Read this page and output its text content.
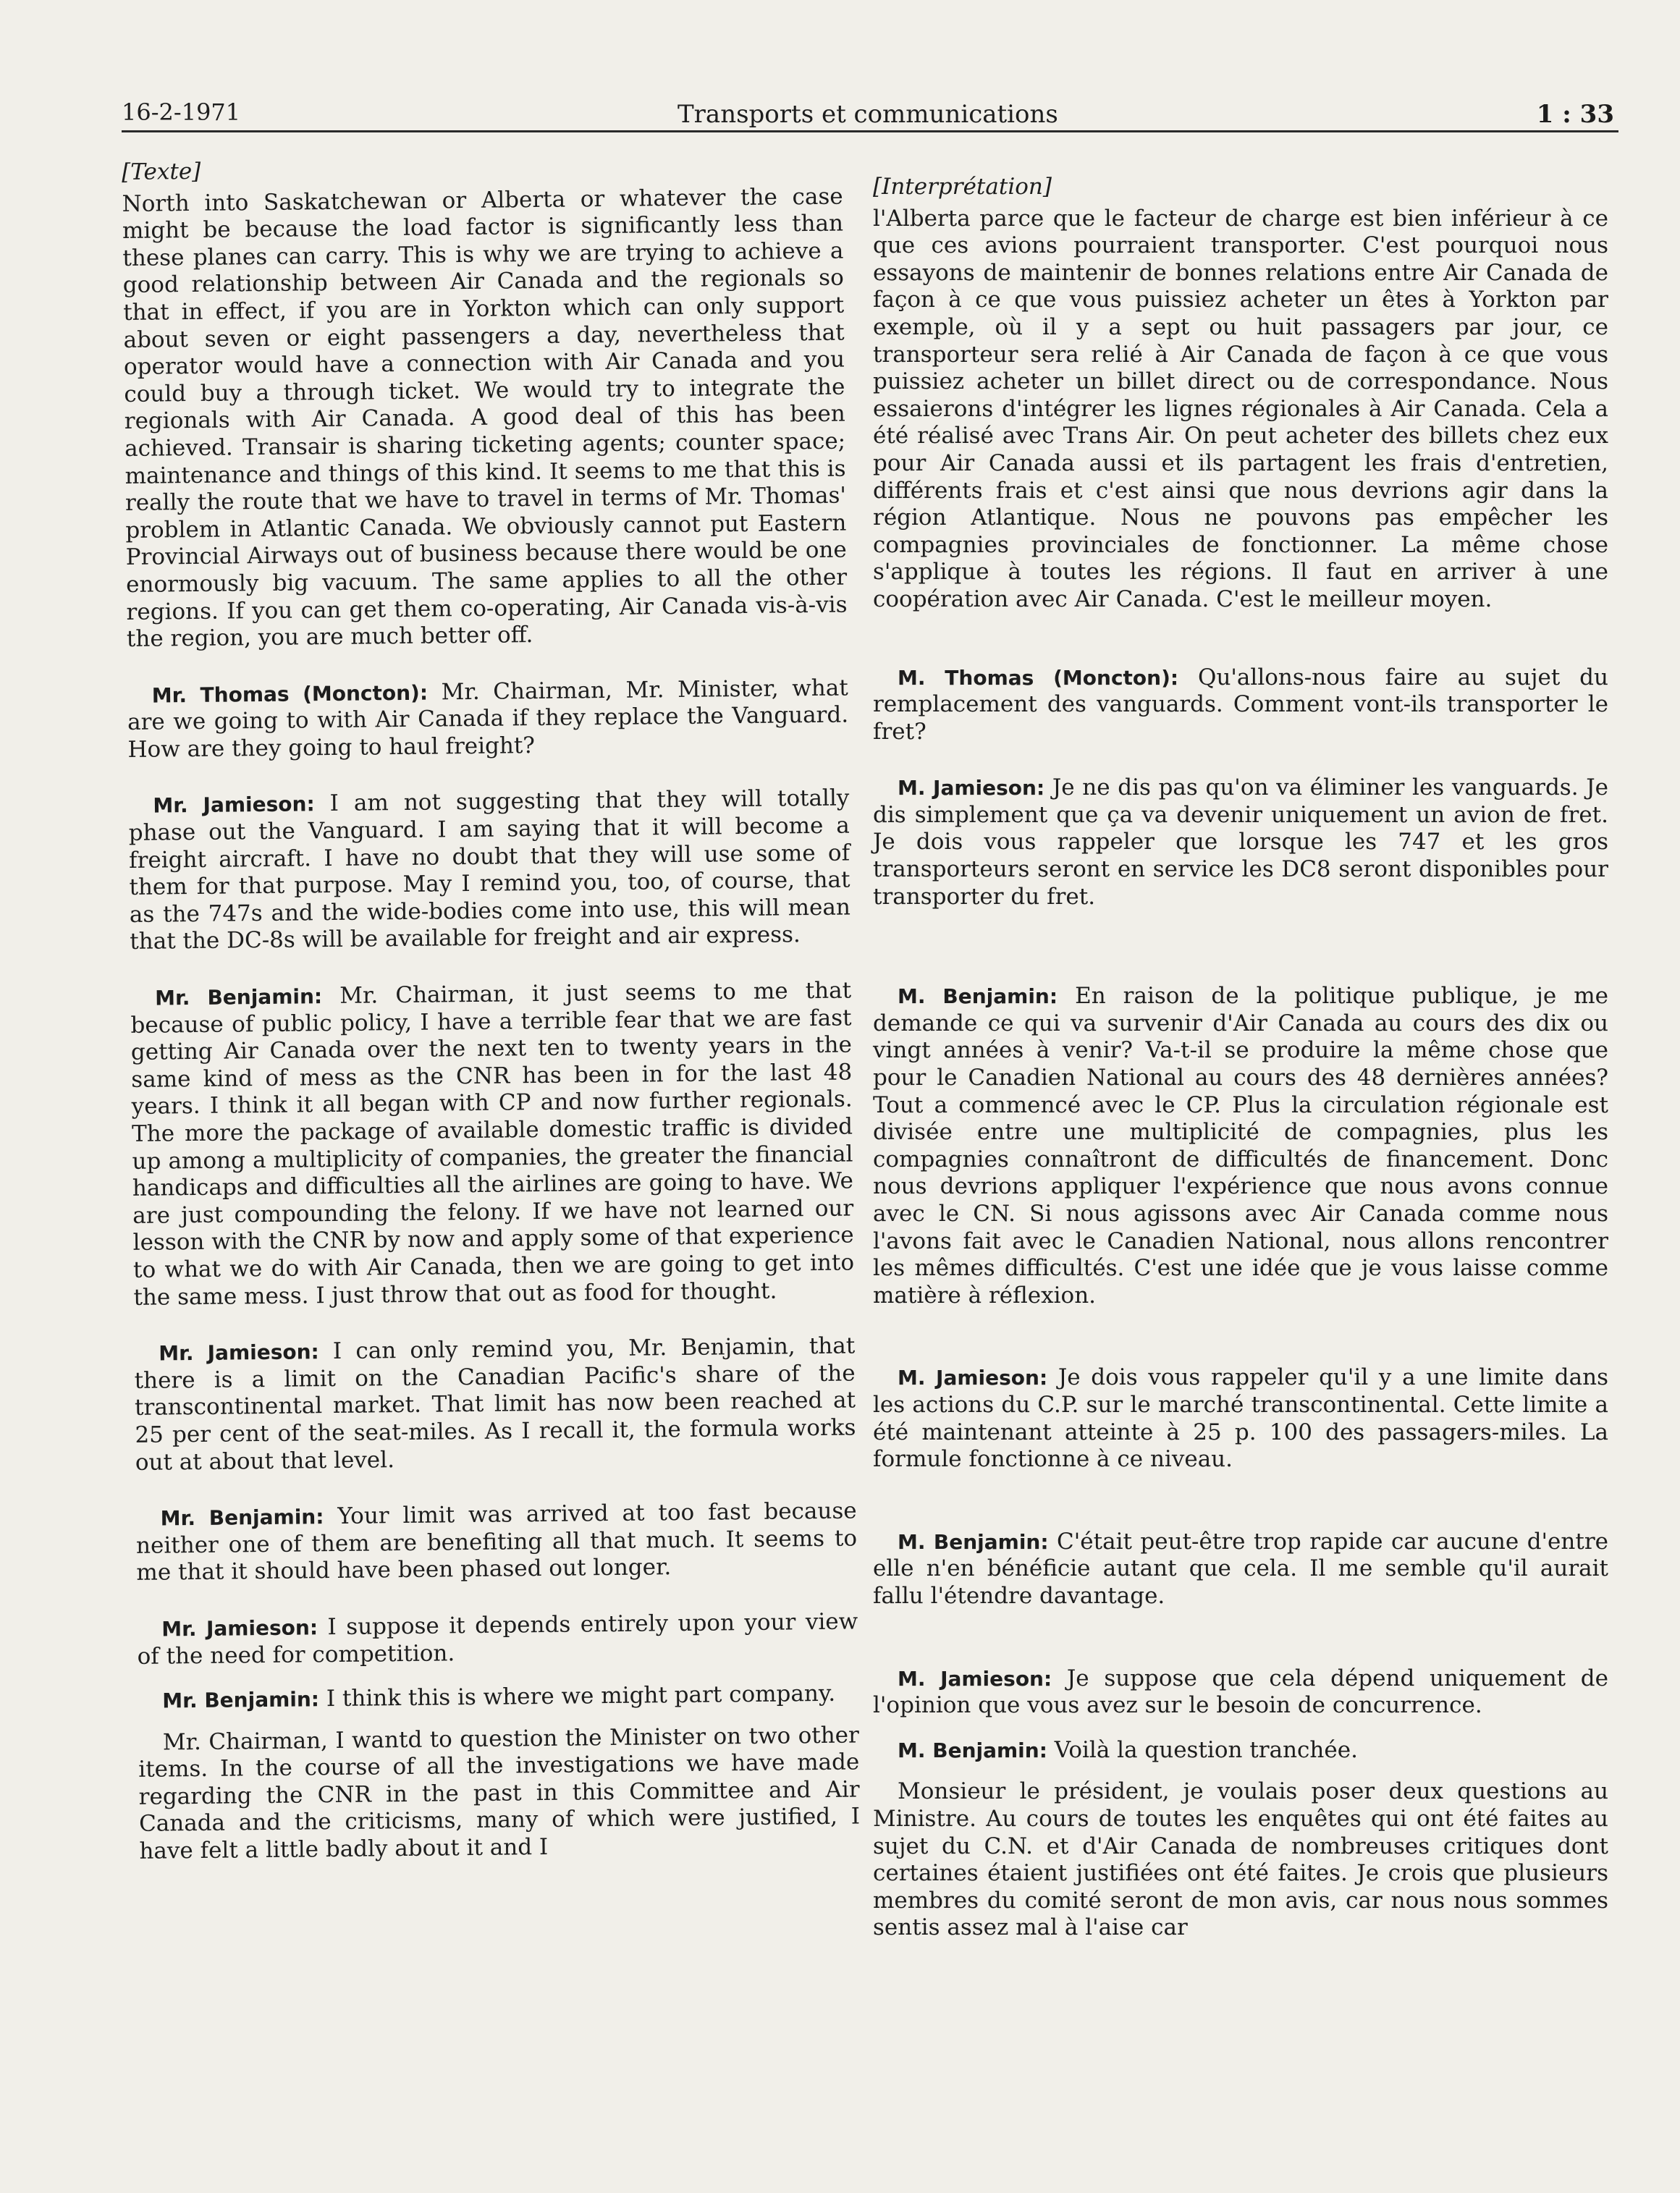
16-2-1971	Transports et communications	1 : 33
[Texte]

North into Saskatchewan or Alberta or whatever the case might be because the load factor is significantly less than these planes can carry. This is why we are trying to achieve a good relationship between Air Canada and the regionals so that in effect, if you are in Yorkton which can only support about seven or eight passengers a day, nevertheless that operator would have a connection with Air Canada and you could buy a through ticket. We would try to integrate the regionals with Air Canada. A good deal of this has been achieved. Transair is sharing ticketing agents; counter space; maintenance and things of this kind. It seems to me that this is really the route that we have to travel in terms of Mr. Thomas' problem in Atlantic Canada. We obviously cannot put Eastern Provincial Airways out of business because there would be one enormously big vacuum. The same applies to all the other regions. If you can get them co-operating, Air Canada vis-à-vis the region, you are much better off.

Mr. Thomas (Moncton): Mr. Chairman, Mr. Minister, what are we going to with Air Canada if they replace the Vanguard. How are they going to haul freight?

Mr. Jamieson: I am not suggesting that they will totally phase out the Vanguard. I am saying that it will become a freight aircraft. I have no doubt that they will use some of them for that purpose. May I remind you, too, of course, that as the 747s and the wide-bodies come into use, this will mean that the DC-8s will be available for freight and air express.

Mr. Benjamin: Mr. Chairman, it just seems to me that because of public policy, I have a terrible fear that we are fast getting Air Canada over the next ten to twenty years in the same kind of mess as the CNR has been in for the last 48 years. I think it all began with CP and now further regionals. The more the package of available domestic traffic is divided up among a multiplicity of companies, the greater the financial handicaps and difficulties all the airlines are going to have. We are just compounding the felony. If we have not learned our lesson with the CNR by now and apply some of that experience to what we do with Air Canada, then we are going to get into the same mess. I just throw that out as food for thought.

Mr. Jamieson: I can only remind you, Mr. Benjamin, that there is a limit on the Canadian Pacific's share of the transcontinental market. That limit has now been reached at 25 per cent of the seat-miles. As I recall it, the formula works out at about that level.

Mr. Benjamin: Your limit was arrived at too fast because neither one of them are benefiting all that much. It seems to me that it should have been phased out longer.

Mr. Jamieson: I suppose it depends entirely upon your view of the need for competition.

Mr. Benjamin: I think this is where we might part company.

Mr. Chairman, I wantd to question the Minister on two other items. In the course of all the investigations we have made regarding the CNR in the past in this Committee and Air Canada and the criticisms, many of which were justified, I have felt a little badly about it and I

[Interprétation]

l'Alberta parce que le facteur de charge est bien inférieur à ce que ces avions pourraient transporter. C'est pourquoi nous essayons de maintenir de bonnes relations entre Air Canada de façon à ce que vous puissiez acheter un êtes à Yorkton par exemple, où il y a sept ou huit passagers par jour, ce transporteur sera relié à Air Canada de façon à ce que vous puissiez acheter un billet direct ou de correspondance. Nous essaierons d'intégrer les lignes régionales à Air Canada. Cela a été réalisé avec Trans Air. On peut acheter des billets chez eux pour Air Canada aussi et ils partagent les frais d'entretien, différents frais et c'est ainsi que nous devrions agir dans la région Atlantique. Nous ne pouvons pas empêcher les compagnies provinciales de fonctionner. La même chose s'applique à toutes les régions. Il faut en arriver à une coopération avec Air Canada. C'est le meilleur moyen.

M. Thomas (Moncton): Qu'allons-nous faire au sujet du remplacement des vanguards. Comment vont-ils transporter le fret?

M. Jamieson: Je ne dis pas qu'on va éliminer les vanguards. Je dis simplement que ça va devenir uniquement un avion de fret. Je dois vous rappeler que lorsque les 747 et les gros transporteurs seront en service les DC8 seront disponibles pour transporter du fret.

M. Benjamin: En raison de la politique publique, je me demande ce qui va survenir d'Air Canada au cours des dix ou vingt années à venir? Va-t-il se produire la même chose que pour le Canadien National au cours des 48 dernières années? Tout a commencé avec le CP. Plus la circulation régionale est divisée entre une multiplicité de compagnies, plus les compagnies connaîtront de difficultés de financement. Donc nous devrions appliquer l'expérience que nous avons connue avec le CN. Si nous agissons avec Air Canada comme nous l'avons fait avec le Canadien National, nous allons rencontrer les mêmes difficultés. C'est une idée que je vous laisse comme matière à réflexion.

M. Jamieson: Je dois vous rappeler qu'il y a une limite dans les actions du C.P. sur le marché transcontinental. Cette limite a été maintenant atteinte à 25 p. 100 des passagers-miles. La formule fonctionne à ce niveau.

M. Benjamin: C'était peut-être trop rapide car aucune d'entre elle n'en bénéficie autant que cela. Il me semble qu'il aurait fallu l'étendre davantage.

M. Jamieson: Je suppose que cela dépend uniquement de l'opinion que vous avez sur le besoin de concurrence.

M. Benjamin: Voilà la question tranchée.

Monsieur le président, je voulais poser deux questions au Ministre. Au cours de toutes les enquêtes qui ont été faites au sujet du C.N. et d'Air Canada de nombreuses critiques dont certaines étaient justifiées ont été faites. Je crois que plusieurs membres du comité seront de mon avis, car nous nous sommes sentis assez mal à l'aise car
